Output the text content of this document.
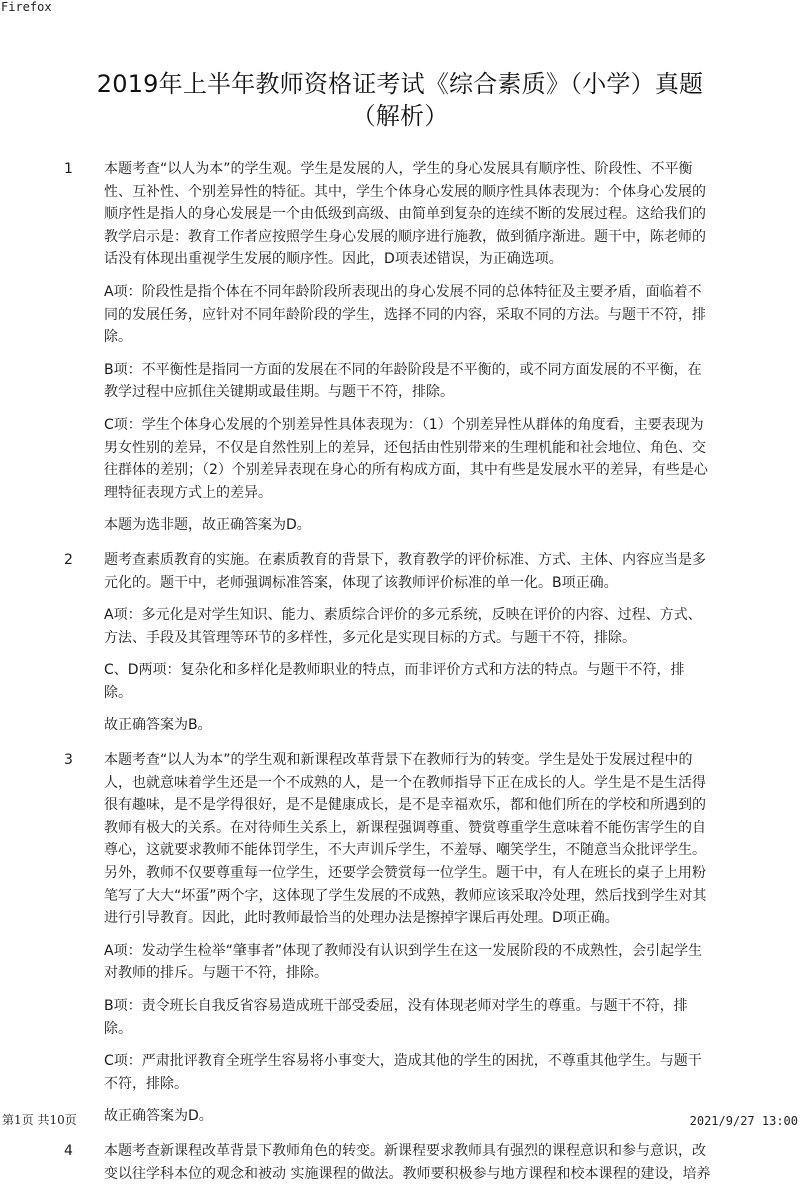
Firefox
2019年上半年教师资格证考试《综合素质》（小学）真题
（解析）
1 本题考查“以人为本”的学生观。学生是发展的人，学生的身心发展具有顺序性、阶段性、不平衡性、互补性、个别差异性的特征。其中，学生个体身心发展的顺序性具体表现为：个体身心发展的顺序性是指人的身心发展是一个由低级到高级、由简单到复杂的连续不断的发展过程。这给我们的教学启示是：教育工作者应按照学生身心发展的顺序进行施教，做到循序渐进。题干中，陈老师的话没有体现出重视学生发展的顺序性。因此，D项表述错误，为正确选项。

A项：阶段性是指个体在不同年龄阶段所表现出的身心发展不同的总体特征及主要矛盾，面临着不同的发展任务，应针对不同年龄阶段的学生，选择不同的内容，采取不同的方法。与题干不符，排除。

B项：不平衡性是指同一方面的发展在不同的年龄阶段是不平衡的，或不同方面发展的不平衡，在教学过程中应抓住关键期或最佳期。与题干不符，排除。

C项：学生个体身心发展的个别差异性具体表现为：（1）个别差异性从群体的角度看，主要表现为男女性别的差异，不仅是自然性别上的差异，还包括由性别带来的生理机能和社会地位、角色、交往群体的差别；（2）个别差异表现在身心的所有构成方面，其中有些是发展水平的差异，有些是心理特征表现方式上的差异。

本题为选非题，故正确答案为D。

2 题考查素质教育的实施。在素质教育的背景下，教育教学的评价标准、方式、主体、内容应当是多元化的。题干中，老师强调标准答案，体现了该教师评价标准的单一化。B项正确。

A项：多元化是对学生知识、能力、素质综合评价的多元系统，反映在评价的内容、过程、方式、方法、手段及其管理等环节的多样性，多元化是实现目标的方式。与题干不符，排除。

C、D两项：复杂化和多样化是教师职业的特点，而非评价方式和方法的特点。与题干不符，排除。

故正确答案为B。

3 本题考查“以人为本”的学生观和新课程改革背景下在教师行为的转变。学生是处于发展过程中的人，也就意味着学生还是一个不成熟的人，是一个在教师指导下正在成长的人。学生是不是生活得很有趣味，是不是学得很好，是不是健康成长，是不是幸福欢乐，都和他们所在的学校和所遇到的教师有极大的关系。在对待师生关系上，新课程强调尊重、赞赏尊重学生意味着不能伤害学生的自尊心，这就要求教师不能体罚学生，不大声训斥学生，不羞辱、嘲笑学生，不随意当众批评学生。另外，教师不仅要尊重每一位学生，还要学会赞赏每一位学生。题干中，有人在班长的桌子上用粉笔写了大大“坏蛋”两个字，这体现了学生发展的不成熟，教师应该采取冷处理，然后找到学生对其进行引导教育。因此，此时教师最恰当的处理办法是擦掉字课后再处理。D项正确。

A项：发动学生检举“肇事者”体现了教师没有认识到学生在这一发展阶段的不成熟性，会引起学生对教师的排斥。与题干不符，排除。

B项：责令班长自我反省容易造成班干部受委屈，没有体现老师对学生的尊重。与题干不符，排除。

C项：严肃批评教育全班学生容易将小事变大，造成其他的学生的困扰，不尊重其他学生。与题干不符，排除。

故正确答案为D。

4 本题考查新课程改革背景下教师角色的转变。新课程要求教师具有强烈的课程意识和参与意识，改变以往学科本位的观念和被动 实施课程的做法。教师要积极参与地方课程和校本课程的建设，培养

第1页 共10页	2021/9/27 13:00
